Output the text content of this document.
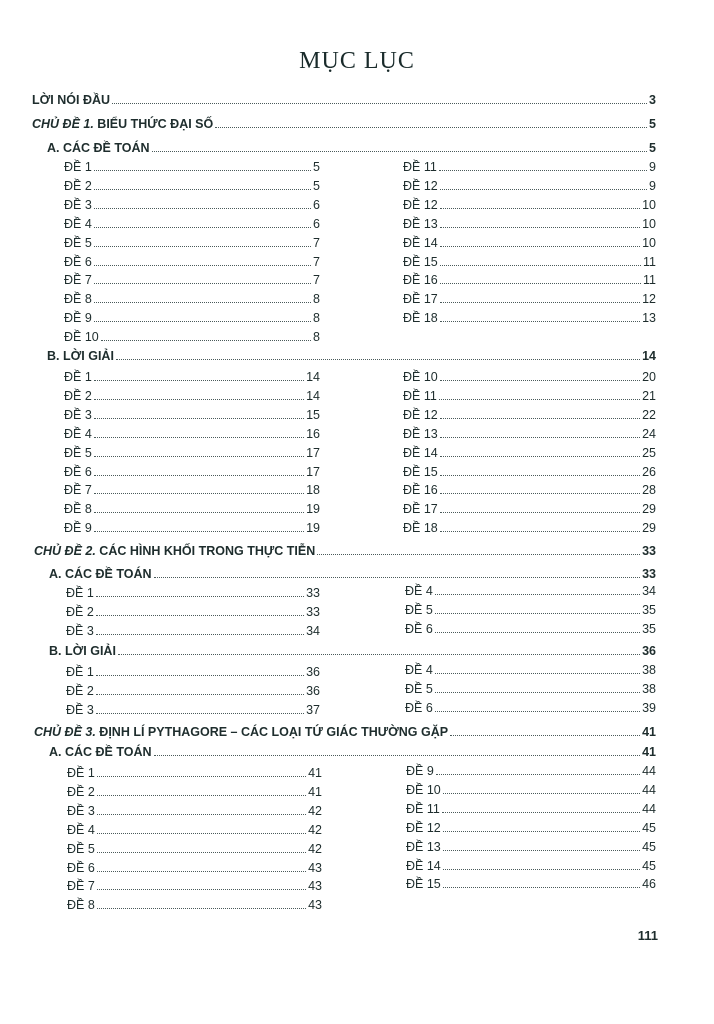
MỤC LỤC
LỜI NÓI ĐẦU	3
CHỦ ĐỀ 1. BIỂU THỨC ĐẠI SỐ	5
A. CÁC ĐỀ TOÁN	5
ĐỀ 1	5
ĐỀ 2	5
ĐỀ 3	6
ĐỀ 4	6
ĐỀ 5	7
ĐỀ 6	7
ĐỀ 7	7
ĐỀ 8	8
ĐỀ 9	8
ĐỀ 10	8
ĐỀ 11	9
ĐỀ 12	9
ĐỀ 12	10
ĐỀ 13	10
ĐỀ 14	10
ĐỀ 15	11
ĐỀ 16	11
ĐỀ 17	12
ĐỀ 18	13
B. LỜI GIẢI	14
ĐỀ 1	14
ĐỀ 2	14
ĐỀ 3	15
ĐỀ 4	16
ĐỀ 5	17
ĐỀ 6	17
ĐỀ 7	18
ĐỀ 8	19
ĐỀ 9	19
ĐỀ 10	20
ĐỀ 11	21
ĐỀ 12	22
ĐỀ 13	24
ĐỀ 14	25
ĐỀ 15	26
ĐỀ 16	28
ĐỀ 17	29
ĐỀ 18	29
CHỦ ĐỀ 2. CÁC HÌNH KHỐI TRONG THỰC TIỄN	33
A. CÁC ĐỀ TOÁN	33
ĐỀ 1	33
ĐỀ 2	33
ĐỀ 3	34
ĐỀ 4	34
ĐỀ 5	35
ĐỀ 6	35
B. LỜI GIẢI	36
ĐỀ 1	36
ĐỀ 2	36
ĐỀ 3	37
ĐỀ 4	38
ĐỀ 5	38
ĐỀ 6	39
CHỦ ĐỀ 3. ĐỊNH LÍ PYTHAGORE – CÁC LOẠI TỨ GIÁC THƯỜNG GẶP	41
A. CÁC ĐỀ TOÁN	41
ĐỀ 1	41
ĐỀ 2	41
ĐỀ 3	42
ĐỀ 4	42
ĐỀ 5	42
ĐỀ 6	43
ĐỀ 7	43
ĐỀ 8	43
ĐỀ 9	44
ĐỀ 10	44
ĐỀ 11	44
ĐỀ 12	45
ĐỀ 13	45
ĐỀ 14	45
ĐỀ 15	46
111
